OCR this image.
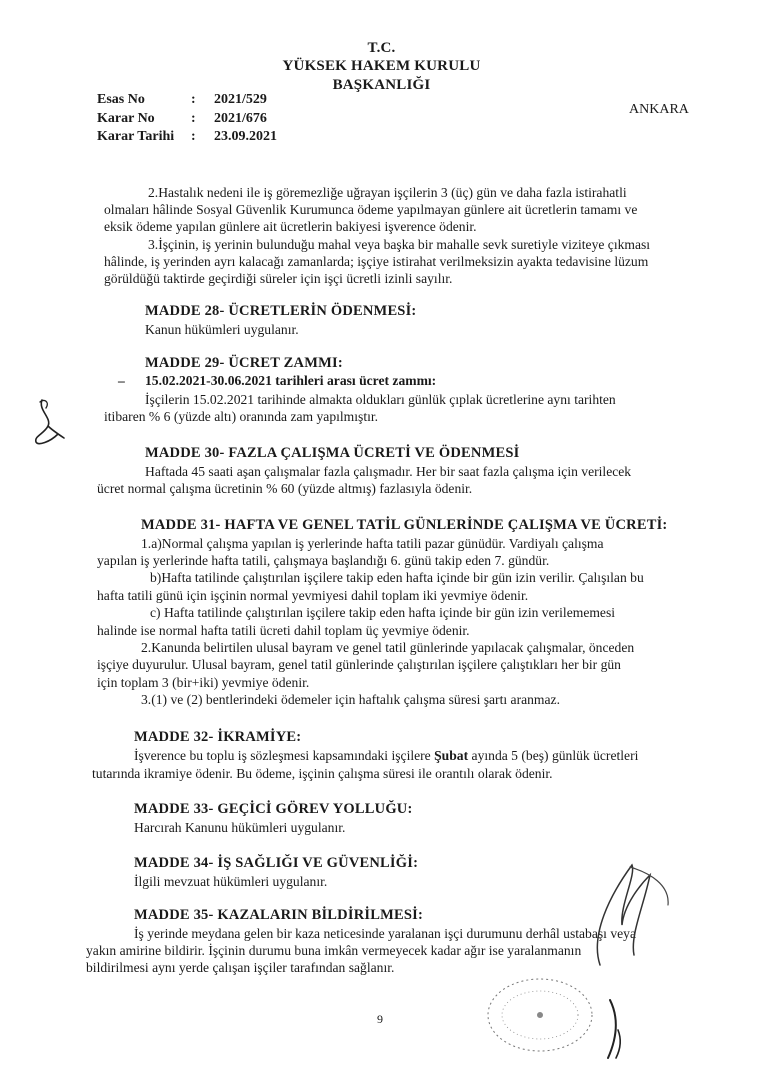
T.C.
YÜKSEK HAKEM KURULU
BAŞKANLIĞI
ANKARA
Esas No	: 2021/529
Karar No	: 2021/676
Karar Tarihi : 23.09.2021
2.Hastalık nedeni ile iş göremezliğe uğrayan işçilerin 3 (üç) gün ve daha fazla istirahatli
olmaları hâlinde Sosyal Güvenlik Kurumunca ödeme yapılmayan günlere ait ücretlerin tamamı ve
eksik ödeme yapılan günlere ait ücretlerin bakiyesi işverence ödenir.
3.İşçinin, iş yerinin bulunduğu mahal veya başka bir mahalle sevk suretiyle viziteye çıkması
hâlinde, iş yerinden ayrı kalacağı zamanlarda; işçiye istirahat verilmeksizin ayakta tedavisine lüzum
görüldüğü taktirde geçirdiği süreler için işçi ücretli izinli sayılır.
MADDE 28- ÜCRETLERİN ÖDENMESİ:
Kanun hükümleri uygulanır.
MADDE 29- ÜCRET ZAMMI:
– 15.02.2021-30.06.2021 tarihleri arası ücret zammı:
İşçilerin 15.02.2021 tarihinde almakta oldukları günlük çıplak ücretlerine aynı tarihten
itibaren % 6 (yüzde altı) oranında zam yapılmıştır.
MADDE 30- FAZLA ÇALIŞMA ÜCRETİ VE ÖDENMESİ
Haftada 45 saati aşan çalışmalar fazla çalışmadır. Her bir saat fazla çalışma için verilecek
ücret normal çalışma ücretinin % 60 (yüzde altmış) fazlasıyla ödenir.
MADDE 31- HAFTA VE GENEL TATİL GÜNLERİNDE ÇALIŞMA VE ÜCRETİ:
1.a)Normal çalışma yapılan iş yerlerinde hafta tatili pazar günüdür. Vardiyalı çalışma
yapılan iş yerlerinde hafta tatili, çalışmaya başlandığı 6. günü takip eden 7. gündür.
b)Hafta tatilinde çalıştırılan işçilere takip eden hafta içinde bir gün izin verilir. Çalışılan bu
hafta tatili günü için işçinin normal yevmiyesi dahil toplam iki yevmiye ödenir.
c) Hafta tatilinde çalıştırılan işçilere takip eden hafta içinde bir gün izin verilememesi
halinde ise normal hafta tatili ücreti dahil toplam üç yevmiye ödenir.
2.Kanunda belirtilen ulusal bayram ve genel tatil günlerinde yapılacak çalışmalar, önceden
işçiye duyurulur. Ulusal bayram, genel tatil günlerinde çalıştırılan işçilere çalıştıkları her bir gün
için toplam 3 (bir+iki) yevmiye ödenir.
3.(1) ve (2) bentlerindeki ödemeler için haftalık çalışma süresi şartı aranmaz.
MADDE 32- İKRAMİYE:
İşverence bu toplu iş sözleşmesi kapsamındaki işçilere Şubat ayında 5 (beş) günlük ücretleri
tutarında ikramiye ödenir. Bu ödeme, işçinin çalışma süresi ile orantılı olarak ödenir.
MADDE 33- GEÇİCİ GÖREV YOLLUĞU:
Harcırah Kanunu hükümleri uygulanır.
MADDE 34- İŞ SAĞLIĞI VE GÜVENLİĞİ:
İlgili mevzuat hükümleri uygulanır.
MADDE 35- KAZALARIN BİLDİRİLMESİ:
İş yerinde meydana gelen bir kaza neticesinde yaralanan işçi durumunu derhâl ustabaşı veya
yakın amirine bildirir. İşçinin durumu buna imkân vermeyecek kadar ağır ise yaralanmanın
bildirilmesi aynı yerde çalışan işçiler tarafından sağlanır.
9
